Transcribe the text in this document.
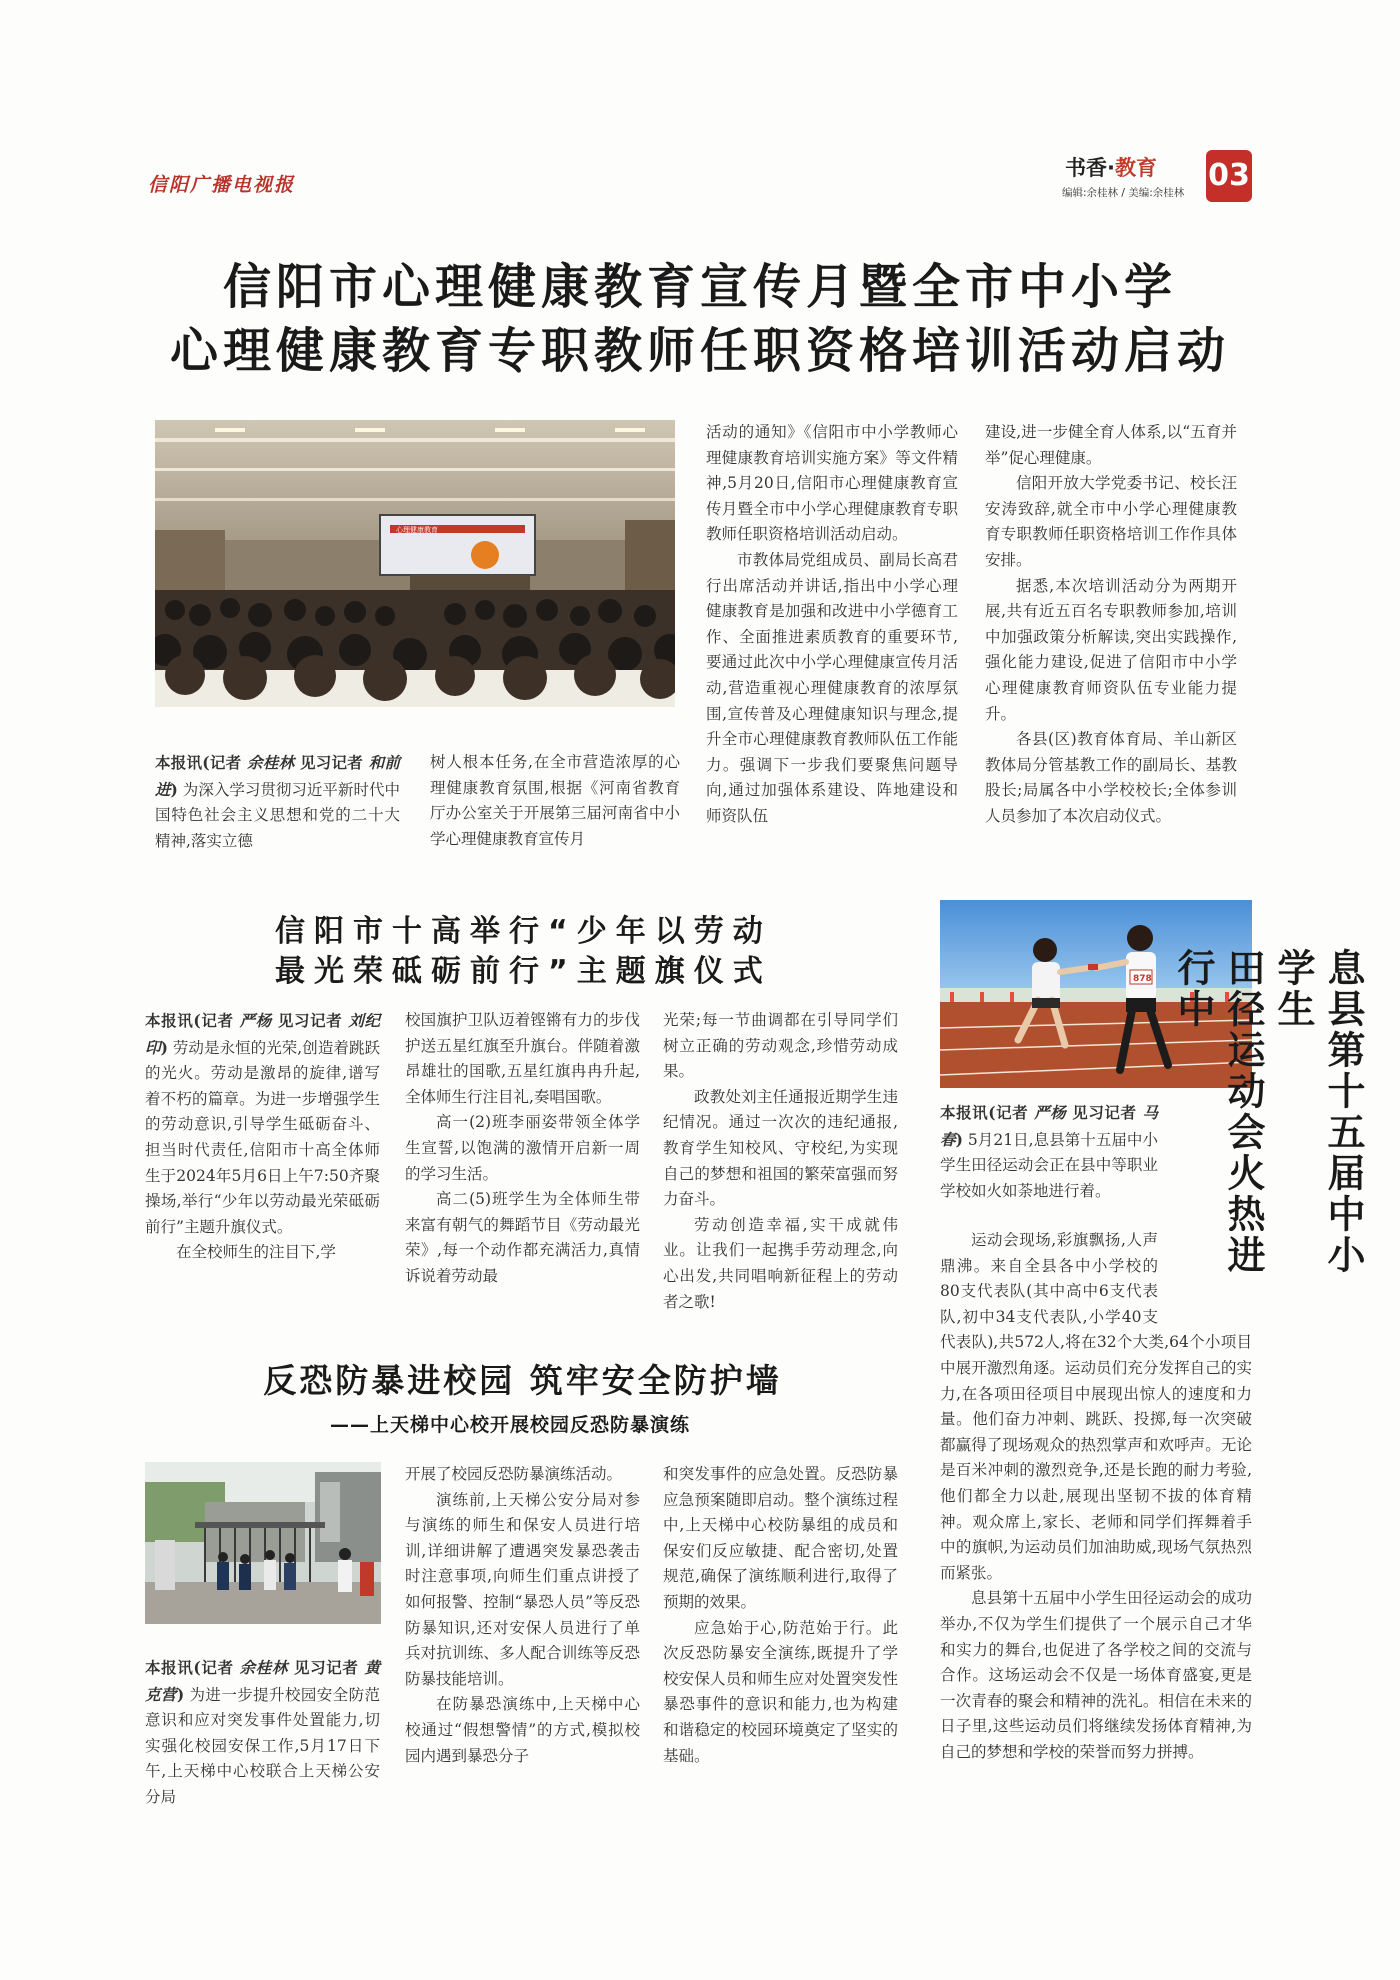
信阳广播电视报
书香·教育
编辑:余桂林 / 美编:余桂林 03
信阳市心理健康教育宣传月暨全市中小学
心理健康教育专职教师任职资格培训活动启动
心理健康教育

本报讯(记者 余桂林 见习记者 和前进) 为深入学习贯彻习近平新时代中国特色社会主义思想和党的二十大精神,落实立德

树人根本任务,在全市营造浓厚的心理健康教育氛围,根据《河南省教育厅办公室关于开展第三届河南省中小学心理健康教育宣传月

活动的通知》《信阳市中小学教师心理健康教育培训实施方案》等文件精神,5月20日,信阳市心理健康教育宣传月暨全市中小学心理健康教育专职教师任职资格培训活动启动。

市教体局党组成员、副局长高君行出席活动并讲话,指出中小学心理健康教育是加强和改进中小学德育工作、全面推进素质教育的重要环节,要通过此次中小学心理健康宣传月活动,营造重视心理健康教育的浓厚氛围,宣传普及心理健康知识与理念,提升全市心理健康教育教师队伍工作能力。强调下一步我们要聚焦问题导向,通过加强体系建设、阵地建设和师资队伍

建设,进一步健全育人体系,以“五育并举”促心理健康。

信阳开放大学党委书记、校长汪安涛致辞,就全市中小学心理健康教育专职教师任职资格培训工作作具体安排。

据悉,本次培训活动分为两期开展,共有近五百名专职教师参加,培训中加强政策分析解读,突出实践操作,强化能力建设,促进了信阳市中小学心理健康教育师资队伍专业能力提升。

各县(区)教育体育局、羊山新区教体局分管基教工作的副局长、基教股长;局属各中小学校校长;全体参训人员参加了本次启动仪式。

信阳市十高举行“少年以劳动
最光荣砥砺前行”主题旗仪式

本报讯(记者 严杨 见习记者 刘纪印) 劳动是永恒的光荣,创造着跳跃的光火。劳动是激昂的旋律,谱写着不朽的篇章。为进一步增强学生的劳动意识,引导学生砥砺奋斗、担当时代责任,信阳市十高全体师生于2024年5月6日上午7:50齐聚操场,举行“少年以劳动最光荣砥砺前行”主题升旗仪式。

在全校师生的注目下,学

校国旗护卫队迈着铿锵有力的步伐护送五星红旗至升旗台。伴随着激昂雄壮的国歌,五星红旗冉冉升起,全体师生行注目礼,奏唱国歌。

高一(2)班李丽姿带领全体学生宣誓,以饱满的激情开启新一周的学习生活。

高二(5)班学生为全体师生带来富有朝气的舞蹈节目《劳动最光荣》,每一个动作都充满活力,真情诉说着劳动最

光荣;每一节曲调都在引导同学们树立正确的劳动观念,珍惜劳动成果。

政教处刘主任通报近期学生违纪情况。通过一次次的违纪通报,教育学生知校风、守校纪,为实现自己的梦想和祖国的繁荣富强而努力奋斗。

劳动创造幸福,实干成就伟业。让我们一起携手劳动理念,向心出发,共同唱响新征程上的劳动者之歌!

反恐防暴进校园 筑牢安全防护墙
——上天梯中心校开展校园反恐防暴演练

本报讯(记者 余桂林 见习记者 黄克营) 为进一步提升校园安全防范意识和应对突发事件处置能力,切实强化校园安保工作,5月17日下午,上天梯中心校联合上天梯公安分局

开展了校园反恐防暴演练活动。

演练前,上天梯公安分局对参与演练的师生和保安人员进行培训,详细讲解了遭遇突发暴恐袭击时注意事项,向师生们重点讲授了如何报警、控制“暴恐人员”等反恐防暴知识,还对安保人员进行了单兵对抗训练、多人配合训练等反恐防暴技能培训。

在防暴恐演练中,上天梯中心校通过“假想警情”的方式,模拟校园内遇到暴恐分子

和突发事件的应急处置。反恐防暴应急预案随即启动。整个演练过程中,上天梯中心校防暴组的成员和保安们反应敏捷、配合密切,处置规范,确保了演练顺利进行,取得了预期的效果。

应急始于心,防范始于行。此次反恐防暴安全演练,既提升了学校安保人员和师生应对处置突发性暴恐事件的意识和能力,也为构建和谐稳定的校园环境奠定了坚实的基础。

878	息县第十五届中小学生
田径运动会火热进行中

本报讯(记者 严杨 见习记者 马春) 5月21日,息县第十五届中小学生田径运动会正在县中等职业学校如火如荼地进行着。

运动会现场,彩旗飘扬,人声鼎沸。来自全县各中小学校的80支代表队(其中高中6支代表队,初中34支代表队,小学40支代表队),共572人,将在32个大类,64个小项目中展开激烈角逐。运动员们充分发挥自己的实力,在各项田径项目中展现出惊人的速度和力量。他们奋力冲刺、跳跃、投掷,每一次突破都赢得了现场观众的热烈掌声和欢呼声。无论是百米冲刺的激烈竞争,还是长跑的耐力考验,他们都全力以赴,展现出坚韧不拔的体育精神。观众席上,家长、老师和同学们挥舞着手中的旗帜,为运动员们加油助威,现场气氛热烈而紧张。

息县第十五届中小学生田径运动会的成功举办,不仅为学生们提供了一个展示自己才华和实力的舞台,也促进了各学校之间的交流与合作。这场运动会不仅是一场体育盛宴,更是一次青春的聚会和精神的洗礼。相信在未来的日子里,这些运动员们将继续发扬体育精神,为自己的梦想和学校的荣誉而努力拼搏。
